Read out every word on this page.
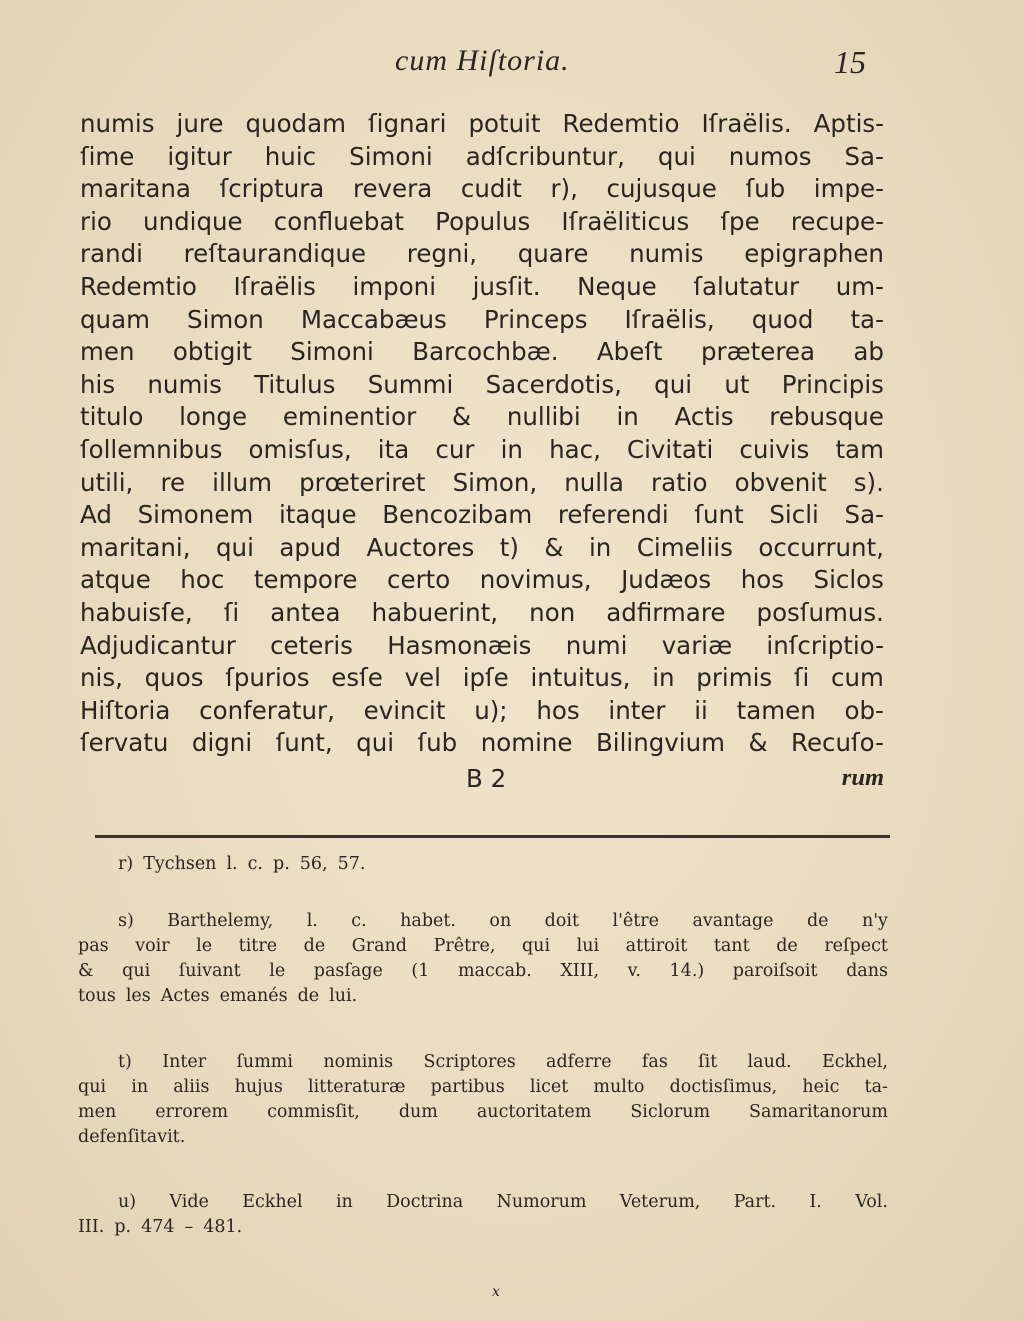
cum Hiſtoria.	15
numis jure quodam ſignari potuit Redemtio Iſraëlis. Aptis-
ſime igitur huic Simoni adſcribuntur, qui numos Sa-
maritana ſcriptura revera cudit r), cujusque ſub impe-
rio undique confluebat Populus Iſraëliticus ſpe recupe-
randi reſtaurandique regni, quare numis epigraphen
Redemtio Iſraëlis imponi jusſit. Neque ſalutatur um-
quam Simon Maccabæus Princeps Iſraëlis, quod ta-
men obtigit Simoni Barcochbæ. Abeſt præterea ab
his numis Titulus Summi Sacerdotis, qui ut Principis
titulo longe eminentior & nullibi in Actis rebusque
ſollemnibus omisſus, ita cur in hac, Civitati cuivis tam
utili, re illum prœteriret Simon, nulla ratio obvenit s).
Ad Simonem itaque Bencozibam referendi ſunt Sicli Sa-
maritani, qui apud Auctores t) & in Cimeliis occurrunt,
atque hoc tempore certo novimus, Judæos hos Siclos
habuisſe, ſi antea habuerint, non adfirmare posſumus.
Adjudicantur ceteris Hasmonæis numi variæ inſcriptio-
nis, quos ſpurios esſe vel ipſe intuitus, in primis ſi cum
Hiſtoria conferatur, evincit u); hos inter ii tamen ob-
ſervatu digni ſunt, qui ſub nomine Bilingvium & Recuſo-
B 2	rum
r) Tychsen l. c. p. 56, 57.
s) Barthelemy, l. c. habet. on doit l'être avantage de n'y
pas voir le titre de Grand Prêtre, qui lui attiroit tant de reſpect
& qui ſuivant le pasſage (1 maccab. XIII, v. 14.) paroiſsoit dans
tous les Actes emanés de lui.
t) Inter ſummi nominis Scriptores adferre fas ſit laud. Eckhel,
qui in aliis hujus litteraturæ partibus licet multo doctisſimus, heic ta-
men errorem commisſit, dum auctoritatem Siclorum Samaritanorum
defenſitavit.
u) Vide Eckhel in Doctrina Numorum Veterum, Part. I. Vol.
III. p. 474 – 481.
x
